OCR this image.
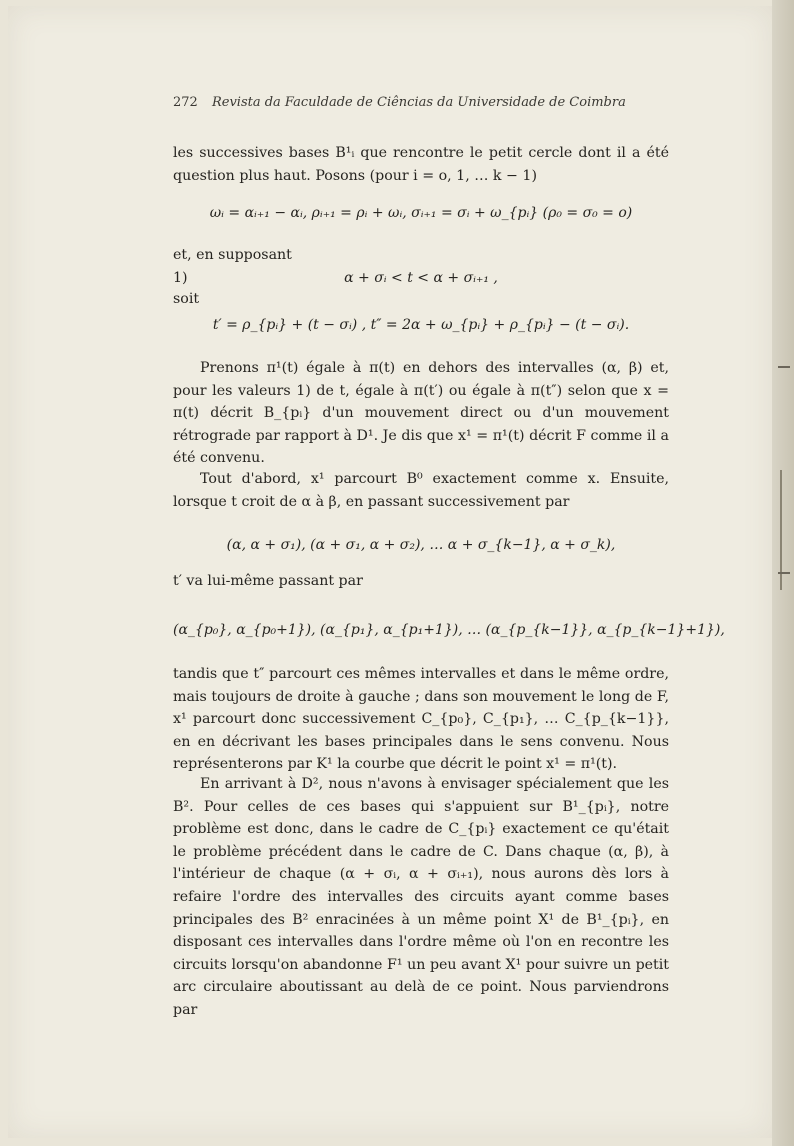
272 Revista da Faculdade de Ciências da Universidade de Coimbra

les successives bases B¹ᵢ que rencontre le petit cercle dont il a été question plus haut. Posons (pour i = o, 1, … k − 1)

ωᵢ = αᵢ₊₁ − αᵢ, ρᵢ₊₁ = ρᵢ + ωᵢ, σᵢ₊₁ = σᵢ + ω_{pᵢ} (ρ₀ = σ₀ = o)
et, en supposant
1)	α + σᵢ < t < α + σᵢ₊₁ ,
soit
t′ = ρ_{pᵢ} + (t − σᵢ) , t″ = 2α + ω_{pᵢ} + ρ_{pᵢ} − (t − σᵢ).

Prenons π¹(t) égale à π(t) en dehors des intervalles (α, β) et, pour les valeurs 1) de t, égale à π(t′) ou égale à π(t″) selon que x = π(t) décrit B_{pᵢ} d'un mouvement direct ou d'un mouvement rétrograde par rapport à D¹. Je dis que x¹ = π¹(t) décrit F comme il a été convenu.

Tout d'abord, x¹ parcourt B⁰ exactement comme x. Ensuite, lorsque t croit de α à β, en passant successivement par

(α, α + σ₁), (α + σ₁, α + σ₂), … α + σ_{k−1}, α + σ_k),
t′ va lui-même passant par
(α_{p₀}, α_{p₀+1}), (α_{p₁}, α_{p₁+1}), … (α_{p_{k−1}}, α_{p_{k−1}+1}),

tandis que t″ parcourt ces mêmes intervalles et dans le même ordre, mais toujours de droite à gauche ; dans son mouvement le long de F, x¹ parcourt donc successivement C_{p₀}, C_{p₁}, … C_{p_{k−1}}, en en décrivant les bases principales dans le sens convenu. Nous représenterons par K¹ la courbe que décrit le point x¹ = π¹(t).

En arrivant à D², nous n'avons à envisager spécialement que les B². Pour celles de ces bases qui s'appuient sur B¹_{pᵢ}, notre problème est donc, dans le cadre de C_{pᵢ} exactement ce qu'était le problème précédent dans le cadre de C. Dans chaque (α, β), à l'intérieur de chaque (α + σᵢ, α + σᵢ₊₁), nous aurons dès lors à refaire l'ordre des intervalles des circuits ayant comme bases principales des B² enracinées à un même point X¹ de B¹_{pᵢ}, en disposant ces intervalles dans l'ordre même où l'on en recontre les circuits lorsqu'on abandonne F¹ un peu avant X¹ pour suivre un petit arc circulaire aboutissant au delà de ce point. Nous parviendrons par
